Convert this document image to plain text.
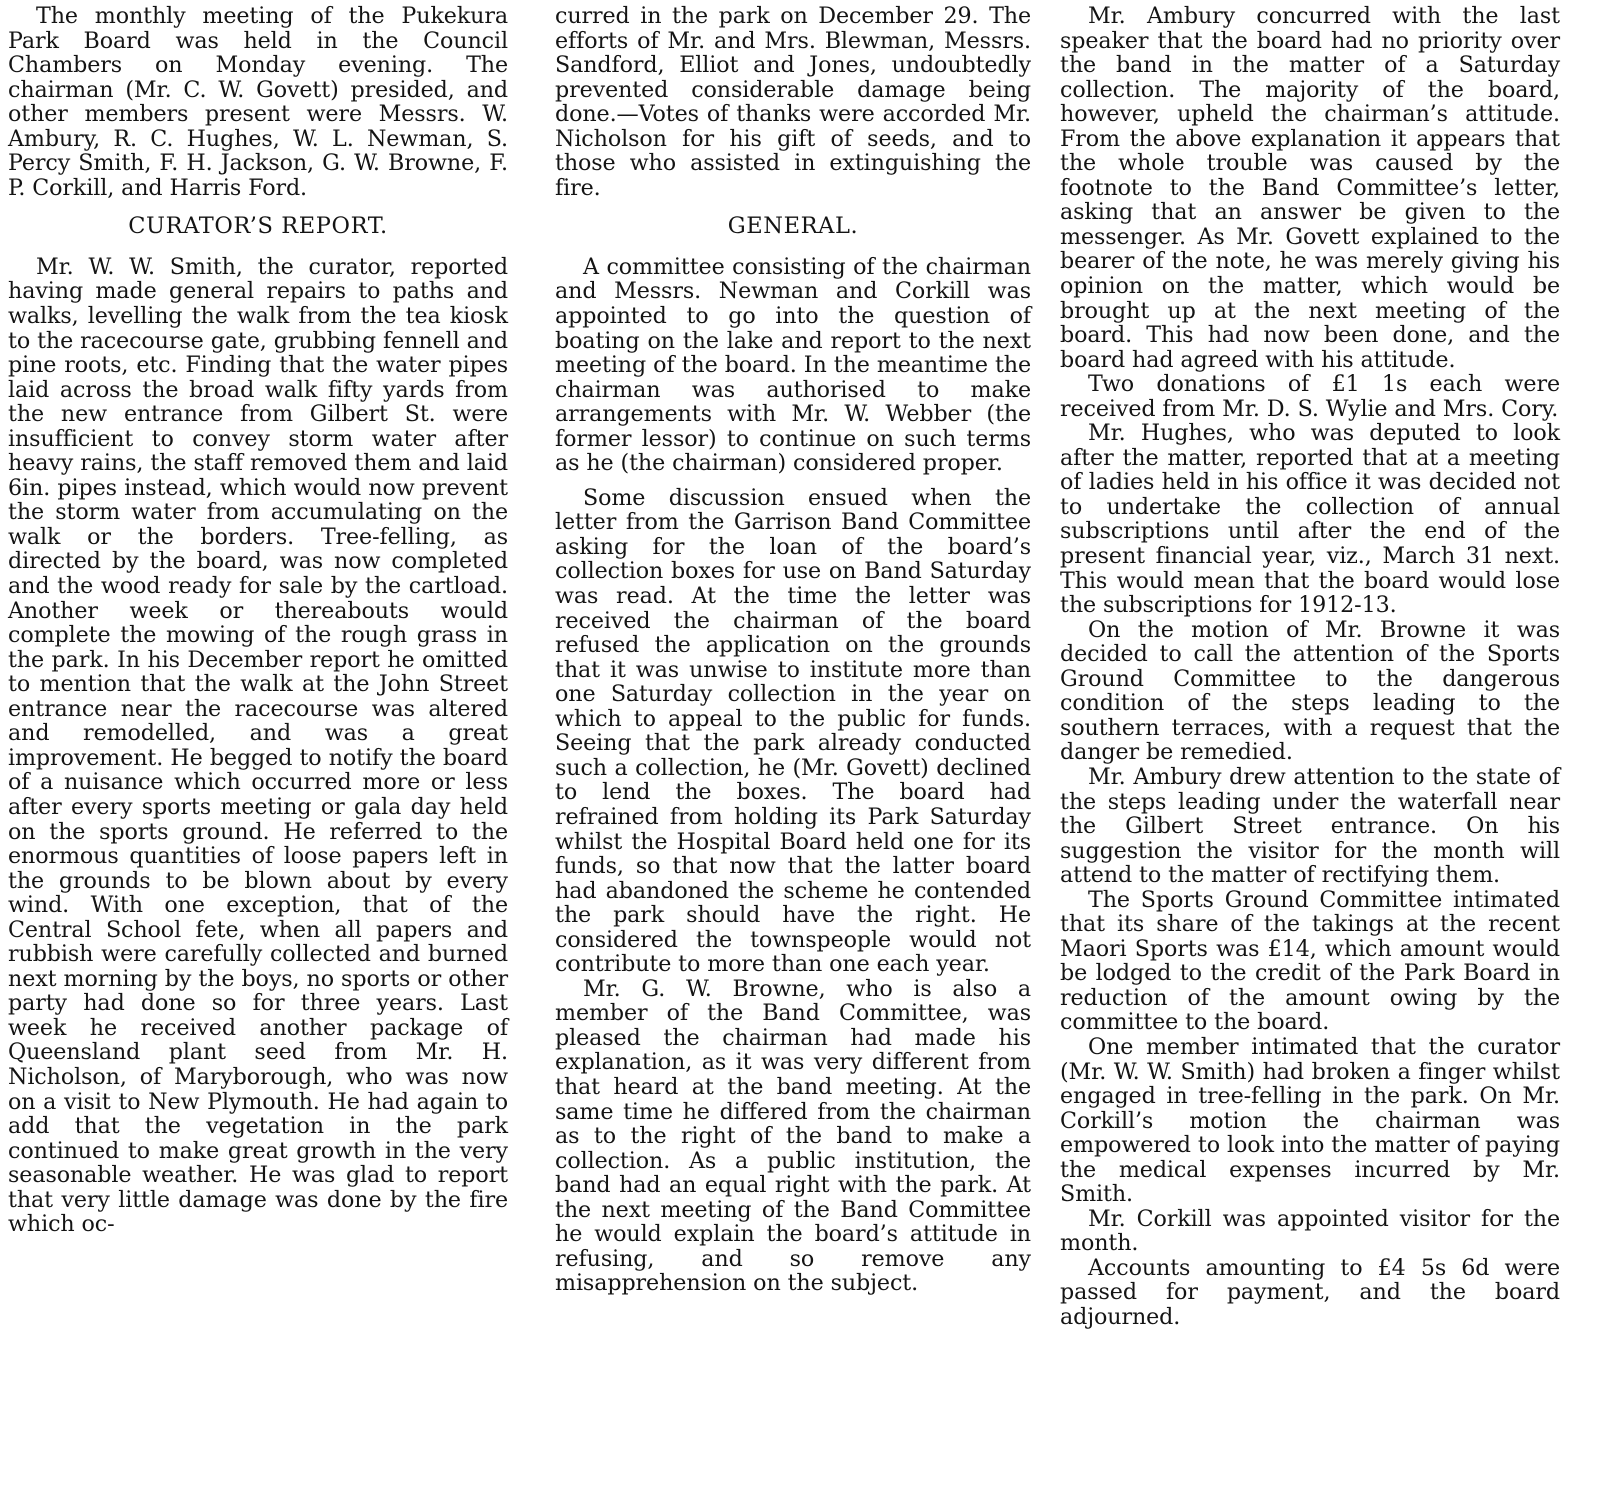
The monthly meeting of the Pukekura Park Board was held in the Council Chambers on Monday evening. The chairman (Mr. C. W. Govett) presided, and other members present were Messrs. W. Ambury, R. C. Hughes, W. L. Newman, S. Percy Smith, F. H. Jackson, G. W. Browne, F. P. Corkill, and Harris Ford.

CURATOR’S REPORT.

Mr. W. W. Smith, the curator, reported having made general repairs to paths and walks, levelling the walk from the tea kiosk to the racecourse gate, grubbing fennell and pine roots, etc. Finding that the water pipes laid across the broad walk fifty yards from the new entrance from Gilbert St. were insufficient to convey storm water after heavy rains, the staff removed them and laid 6in. pipes instead, which would now prevent the storm water from accumulating on the walk or the borders. Tree-felling, as directed by the board, was now completed and the wood ready for sale by the cartload. Another week or thereabouts would complete the mowing of the rough grass in the park. In his December report he omitted to mention that the walk at the John Street entrance near the racecourse was altered and remodelled, and was a great improvement. He begged to notify the board of a nuisance which occurred more or less after every sports meeting or gala day held on the sports ground. He referred to the enormous quantities of loose papers left in the grounds to be blown about by every wind. With one exception, that of the Central School fete, when all papers and rubbish were carefully collected and burned next morning by the boys, no sports or other party had done so for three years. Last week he received another package of Queensland plant seed from Mr. H. Nicholson, of Maryborough, who was now on a visit to New Plymouth. He had again to add that the vegetation in the park continued to make great growth in the very seasonable weather. He was glad to report that very little damage was done by the fire which oc-

curred in the park on December 29. The efforts of Mr. and Mrs. Blewman, Messrs. Sandford, Elliot and Jones, undoubtedly prevented considerable damage being done.—Votes of thanks were accorded Mr. Nicholson for his gift of seeds, and to those who assisted in extinguishing the fire.

GENERAL.

A committee consisting of the chairman and Messrs. Newman and Corkill was appointed to go into the question of boating on the lake and report to the next meeting of the board. In the meantime the chairman was authorised to make arrangements with Mr. W. Webber (the former lessor) to continue on such terms as he (the chairman) considered proper.

Some discussion ensued when the letter from the Garrison Band Committee asking for the loan of the board’s collection boxes for use on Band Saturday was read. At the time the letter was received the chairman of the board refused the application on the grounds that it was unwise to institute more than one Saturday collection in the year on which to appeal to the public for funds. Seeing that the park already conducted such a collection, he (Mr. Govett) declined to lend the boxes. The board had refrained from holding its Park Saturday whilst the Hospital Board held one for its funds, so that now that the latter board had abandoned the scheme he contended the park should have the right. He considered the townspeople would not contribute to more than one each year.

Mr. G. W. Browne, who is also a member of the Band Committee, was pleased the chairman had made his explanation, as it was very different from that heard at the band meeting. At the same time he differed from the chairman as to the right of the band to make a collection. As a public institution, the band had an equal right with the park. At the next meeting of the Band Committee he would explain the board’s attitude in refusing, and so remove any misapprehension on the subject.

Mr. Ambury concurred with the last speaker that the board had no priority over the band in the matter of a Saturday collection. The majority of the board, however, upheld the chairman’s attitude. From the above explanation it appears that the whole trouble was caused by the footnote to the Band Committee’s letter, asking that an answer be given to the messenger. As Mr. Govett explained to the bearer of the note, he was merely giving his opinion on the matter, which would be brought up at the next meeting of the board. This had now been done, and the board had agreed with his attitude.

Two donations of £1 1s each were received from Mr. D. S. Wylie and Mrs. Cory.

Mr. Hughes, who was deputed to look after the matter, reported that at a meeting of ladies held in his office it was decided not to undertake the collection of annual subscriptions until after the end of the present financial year, viz., March 31 next. This would mean that the board would lose the subscriptions for 1912-13.

On the motion of Mr. Browne it was decided to call the attention of the Sports Ground Committee to the dangerous condition of the steps leading to the southern terraces, with a request that the danger be remedied.

Mr. Ambury drew attention to the state of the steps leading under the waterfall near the Gilbert Street entrance. On his suggestion the visitor for the month will attend to the matter of rectifying them.

The Sports Ground Committee intimated that its share of the takings at the recent Maori Sports was £14, which amount would be lodged to the credit of the Park Board in reduction of the amount owing by the committee to the board.

One member intimated that the curator (Mr. W. W. Smith) had broken a finger whilst engaged in tree-felling in the park. On Mr. Corkill’s motion the chairman was empowered to look into the matter of paying the medical expenses incurred by Mr. Smith.

Mr. Corkill was appointed visitor for the month.

Accounts amounting to £4 5s 6d were passed for payment, and the board adjourned.
